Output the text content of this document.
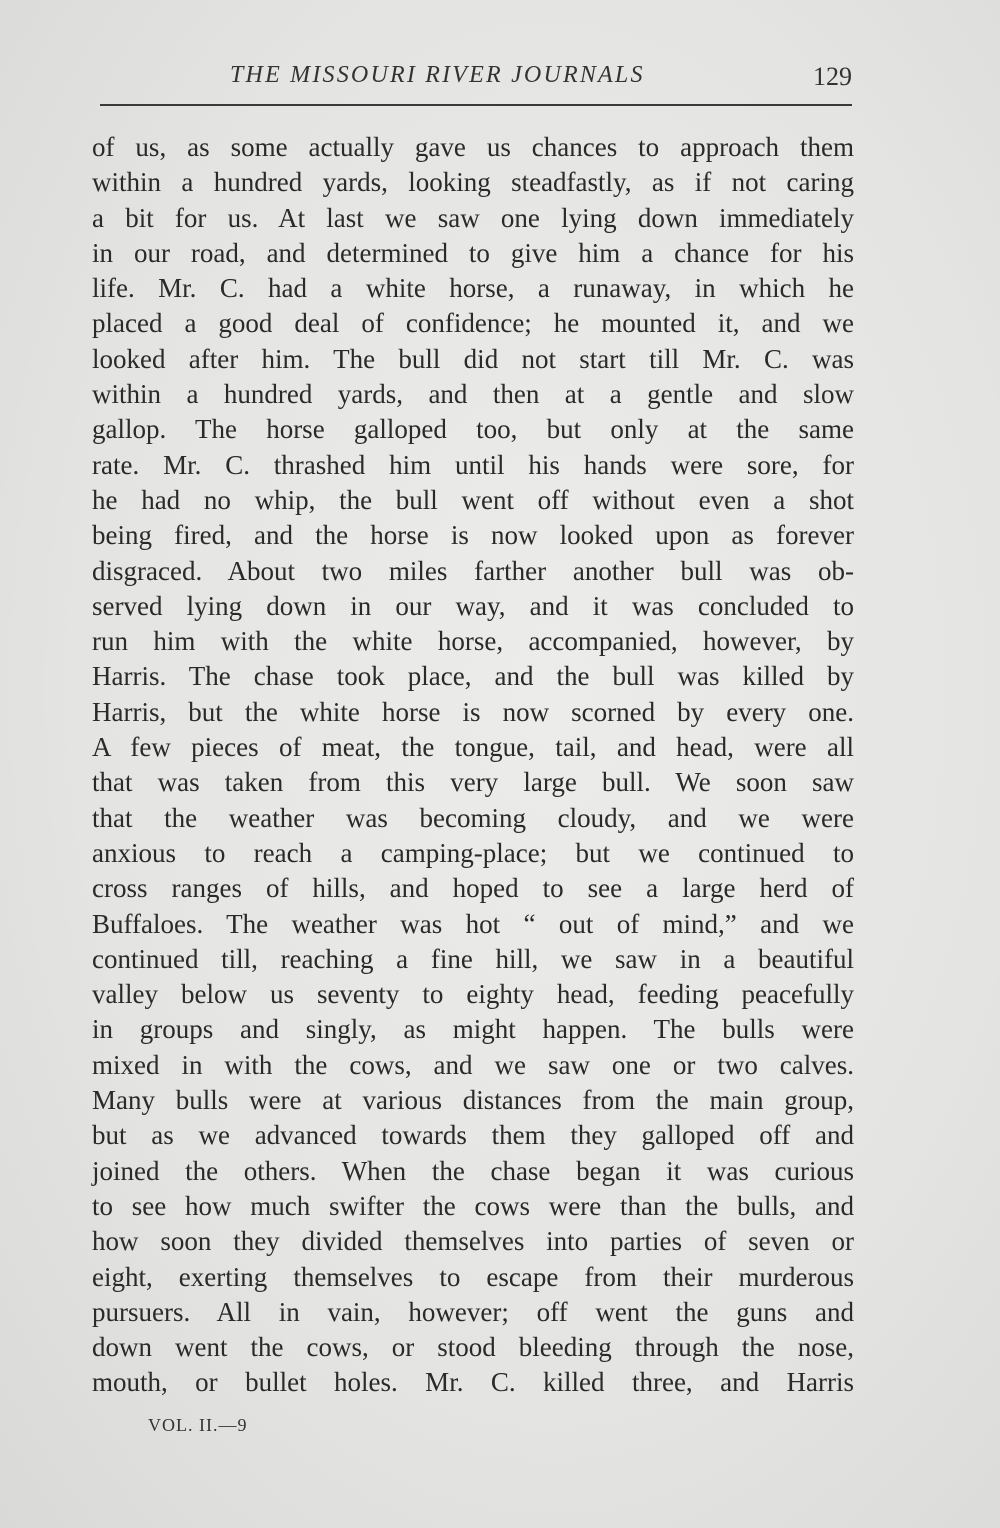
THE MISSOURI RIVER JOURNALS	129
of us, as some actually gave us chances to approach them
within a hundred yards, looking steadfastly, as if not caring
a bit for us. At last we saw one lying down immediately
in our road, and determined to give him a chance for his
life. Mr. C. had a white horse, a runaway, in which he
placed a good deal of confidence; he mounted it, and we
looked after him. The bull did not start till Mr. C. was
within a hundred yards, and then at a gentle and slow
gallop. The horse galloped too, but only at the same
rate. Mr. C. thrashed him until his hands were sore, for
he had no whip, the bull went off without even a shot
being fired, and the horse is now looked upon as forever
disgraced. About two miles farther another bull was ob-
served lying down in our way, and it was concluded to
run him with the white horse, accompanied, however, by
Harris. The chase took place, and the bull was killed by
Harris, but the white horse is now scorned by every one.
A few pieces of meat, the tongue, tail, and head, were all
that was taken from this very large bull. We soon saw
that the weather was becoming cloudy, and we were
anxious to reach a camping-place; but we continued to
cross ranges of hills, and hoped to see a large herd of
Buffaloes. The weather was hot “ out of mind,” and we
continued till, reaching a fine hill, we saw in a beautiful
valley below us seventy to eighty head, feeding peacefully
in groups and singly, as might happen. The bulls were
mixed in with the cows, and we saw one or two calves.
Many bulls were at various distances from the main group,
but as we advanced towards them they galloped off and
joined the others. When the chase began it was curious
to see how much swifter the cows were than the bulls, and
how soon they divided themselves into parties of seven or
eight, exerting themselves to escape from their murderous
pursuers. All in vain, however; off went the guns and
down went the cows, or stood bleeding through the nose,
mouth, or bullet holes. Mr. C. killed three, and Harris
VOL. II.—9
